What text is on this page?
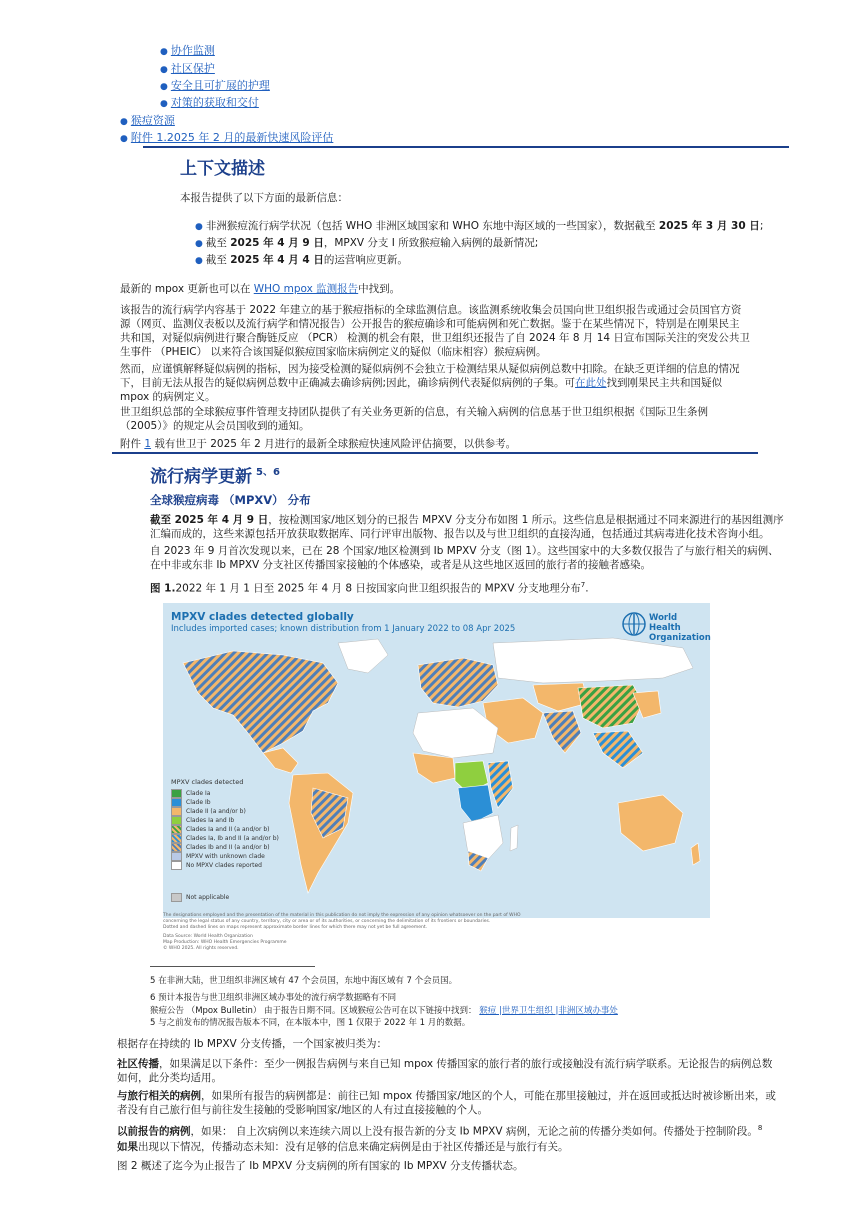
● 协作监测
● 社区保护
● 安全且可扩展的护理
● 对策的获取和交付
● 猴痘资源
● 附件 1.2025 年 2 月的最新快速风险评估
上下文描述
本报告提供了以下方面的最新信息：
● 非洲猴痘流行病学状况（包括 WHO 非洲区域国家和 WHO 东地中海区域的一些国家），数据截至 2025 年 3 月 30 日;
● 截至 2025 年 4 月 9 日，MPXV 分支 I 所致猴痘输入病例的最新情况;
● 截至 2025 年 4 月 4 日的运营响应更新。
最新的 mpox 更新也可以在 WHO mpox 监测报告中找到。
该报告的流行病学内容基于 2022 年建立的基于猴痘指标的全球监测信息。该监测系统收集会员国向世卫组织报告或通过会员国官方资
源（网页、监测仪表板以及流行病学和情况报告）公开报告的猴痘确诊和可能病例和死亡数据。鉴于在某些情况下，特别是在刚果民主
共和国，对疑似病例进行聚合酶链反应 （PCR） 检测的机会有限，世卫组织还报告了自 2024 年 8 月 14 日宣布国际关注的突发公共卫
生事件 （PHEIC） 以来符合该国疑似猴痘国家临床病例定义的疑似（临床相容）猴痘病例。
然而，应谨慎解释疑似病例的指标，因为接受检测的疑似病例不会独立于检测结果从疑似病例总数中扣除。在缺乏更详细的信息的情况
下，目前无法从报告的疑似病例总数中正确减去确诊病例;因此，确诊病例代表疑似病例的子集。可在此处找到刚果民主共和国疑似
mpox 的病例定义。
世卫组织总部的全球猴痘事件管理支持团队提供了有关业务更新的信息，有关输入病例的信息基于世卫组织根据《国际卫生条例
（2005）》的规定从会员国收到的通知。
附件 1 载有世卫于 2025 年 2 月进行的最新全球猴痘快速风险评估摘要，以供参考。
流行病学更新 $^{5、6}$
全球猴痘病毒 （MPXV） 分布
截至 2025 年 4 月 9 日，按检测国家/地区划分的已报告 MPXV 分支分布如图 1 所示。这些信息是根据通过不同来源进行的基因组测序
汇编而成的，这些来源包括开放获取数据库、同行评审出版物、报告以及与世卫组织的直接沟通，包括通过其病毒进化技术咨询小组。
自 2023 年 9 月首次发现以来，已在 28 个国家/地区检测到 Ib MPXV 分支（图 1）。这些国家中的大多数仅报告了与旅行相关的病例、
在中非或东非 Ib MPXV 分支社区传播国家接触的个体感染，或者是从这些地区返回的旅行者的接触者感染。
图 1.2022 年 1 月 1 日至 2025 年 4 月 8 日按国家向世卫组织报告的 MPXV 分支地理分布$^7$.
MPXV clades detected globally
Includes imported cases; known distribution from 1 January 2022 to 08 Apr 2025
World Health
Organization
MPXV clades detected
Clade Ia
Clade Ib
Clade II (a and/or b)
Clades Ia and Ib
Clades Ia and II (a and/or b)
Clades Ia, Ib and II (a and/or b)
Clades Ib and II (a and/or b)
MPXV with unknown clade
No MPXV clades reported
Not applicable
The designations employed and the presentation of the material in this publication do not imply the expression of any opinion whatsoever on the part of WHO
concerning the legal status of any country, territory, city or area or of its authorities, or concerning the delimitation of its frontiers or boundaries.
Dotted and dashed lines on maps represent approximate border lines for which there may not yet be full agreement.
Data Source: World Health Organization
Map Production: WHO Health Emergencies Programme
© WHO 2025. All rights reserved.
5 在非洲大陆，世卫组织非洲区域有 47 个会员国，东地中海区域有 7 个会员国。
6 预计本报告与世卫组织非洲区域办事处的流行病学数据略有不同
猴痘公告 （Mpox Bulletin） 由于报告日期不同。区域猴痘公告可在以下链接中找到： 猴痘 |世界卫生组织 |非洲区域办事处
5 与之前发布的情况报告版本不同，在本版本中，图 1 仅限于 2022 年 1 月的数据。
根据存在持续的 Ib MPXV 分支传播，一个国家被归类为：
社区传播，如果满足以下条件：至少一例报告病例与来自已知 mpox 传播国家的旅行者的旅行或接触没有流行病学联系。无论报告的病例总数
如何，此分类均适用。
与旅行相关的病例，如果所有报告的病例都是：前往已知 mpox 传播国家/地区的个人，可能在那里接触过，并在返回或抵达时被诊断出来，或
者没有自己旅行但与前往发生接触的受影响国家/地区的人有过直接接触的个人。
以前报告的病例，如果： 自上次病例以来连续六周以上没有报告新的分支 Ib MPXV 病例，无论之前的传播分类如何。传播处于控制阶段。$^8$
如果出现以下情况，传播动态未知：没有足够的信息来确定病例是由于社区传播还是与旅行有关。
图 2 概述了迄今为止报告了 Ib MPXV 分支病例的所有国家的 Ib MPXV 分支传播状态。
